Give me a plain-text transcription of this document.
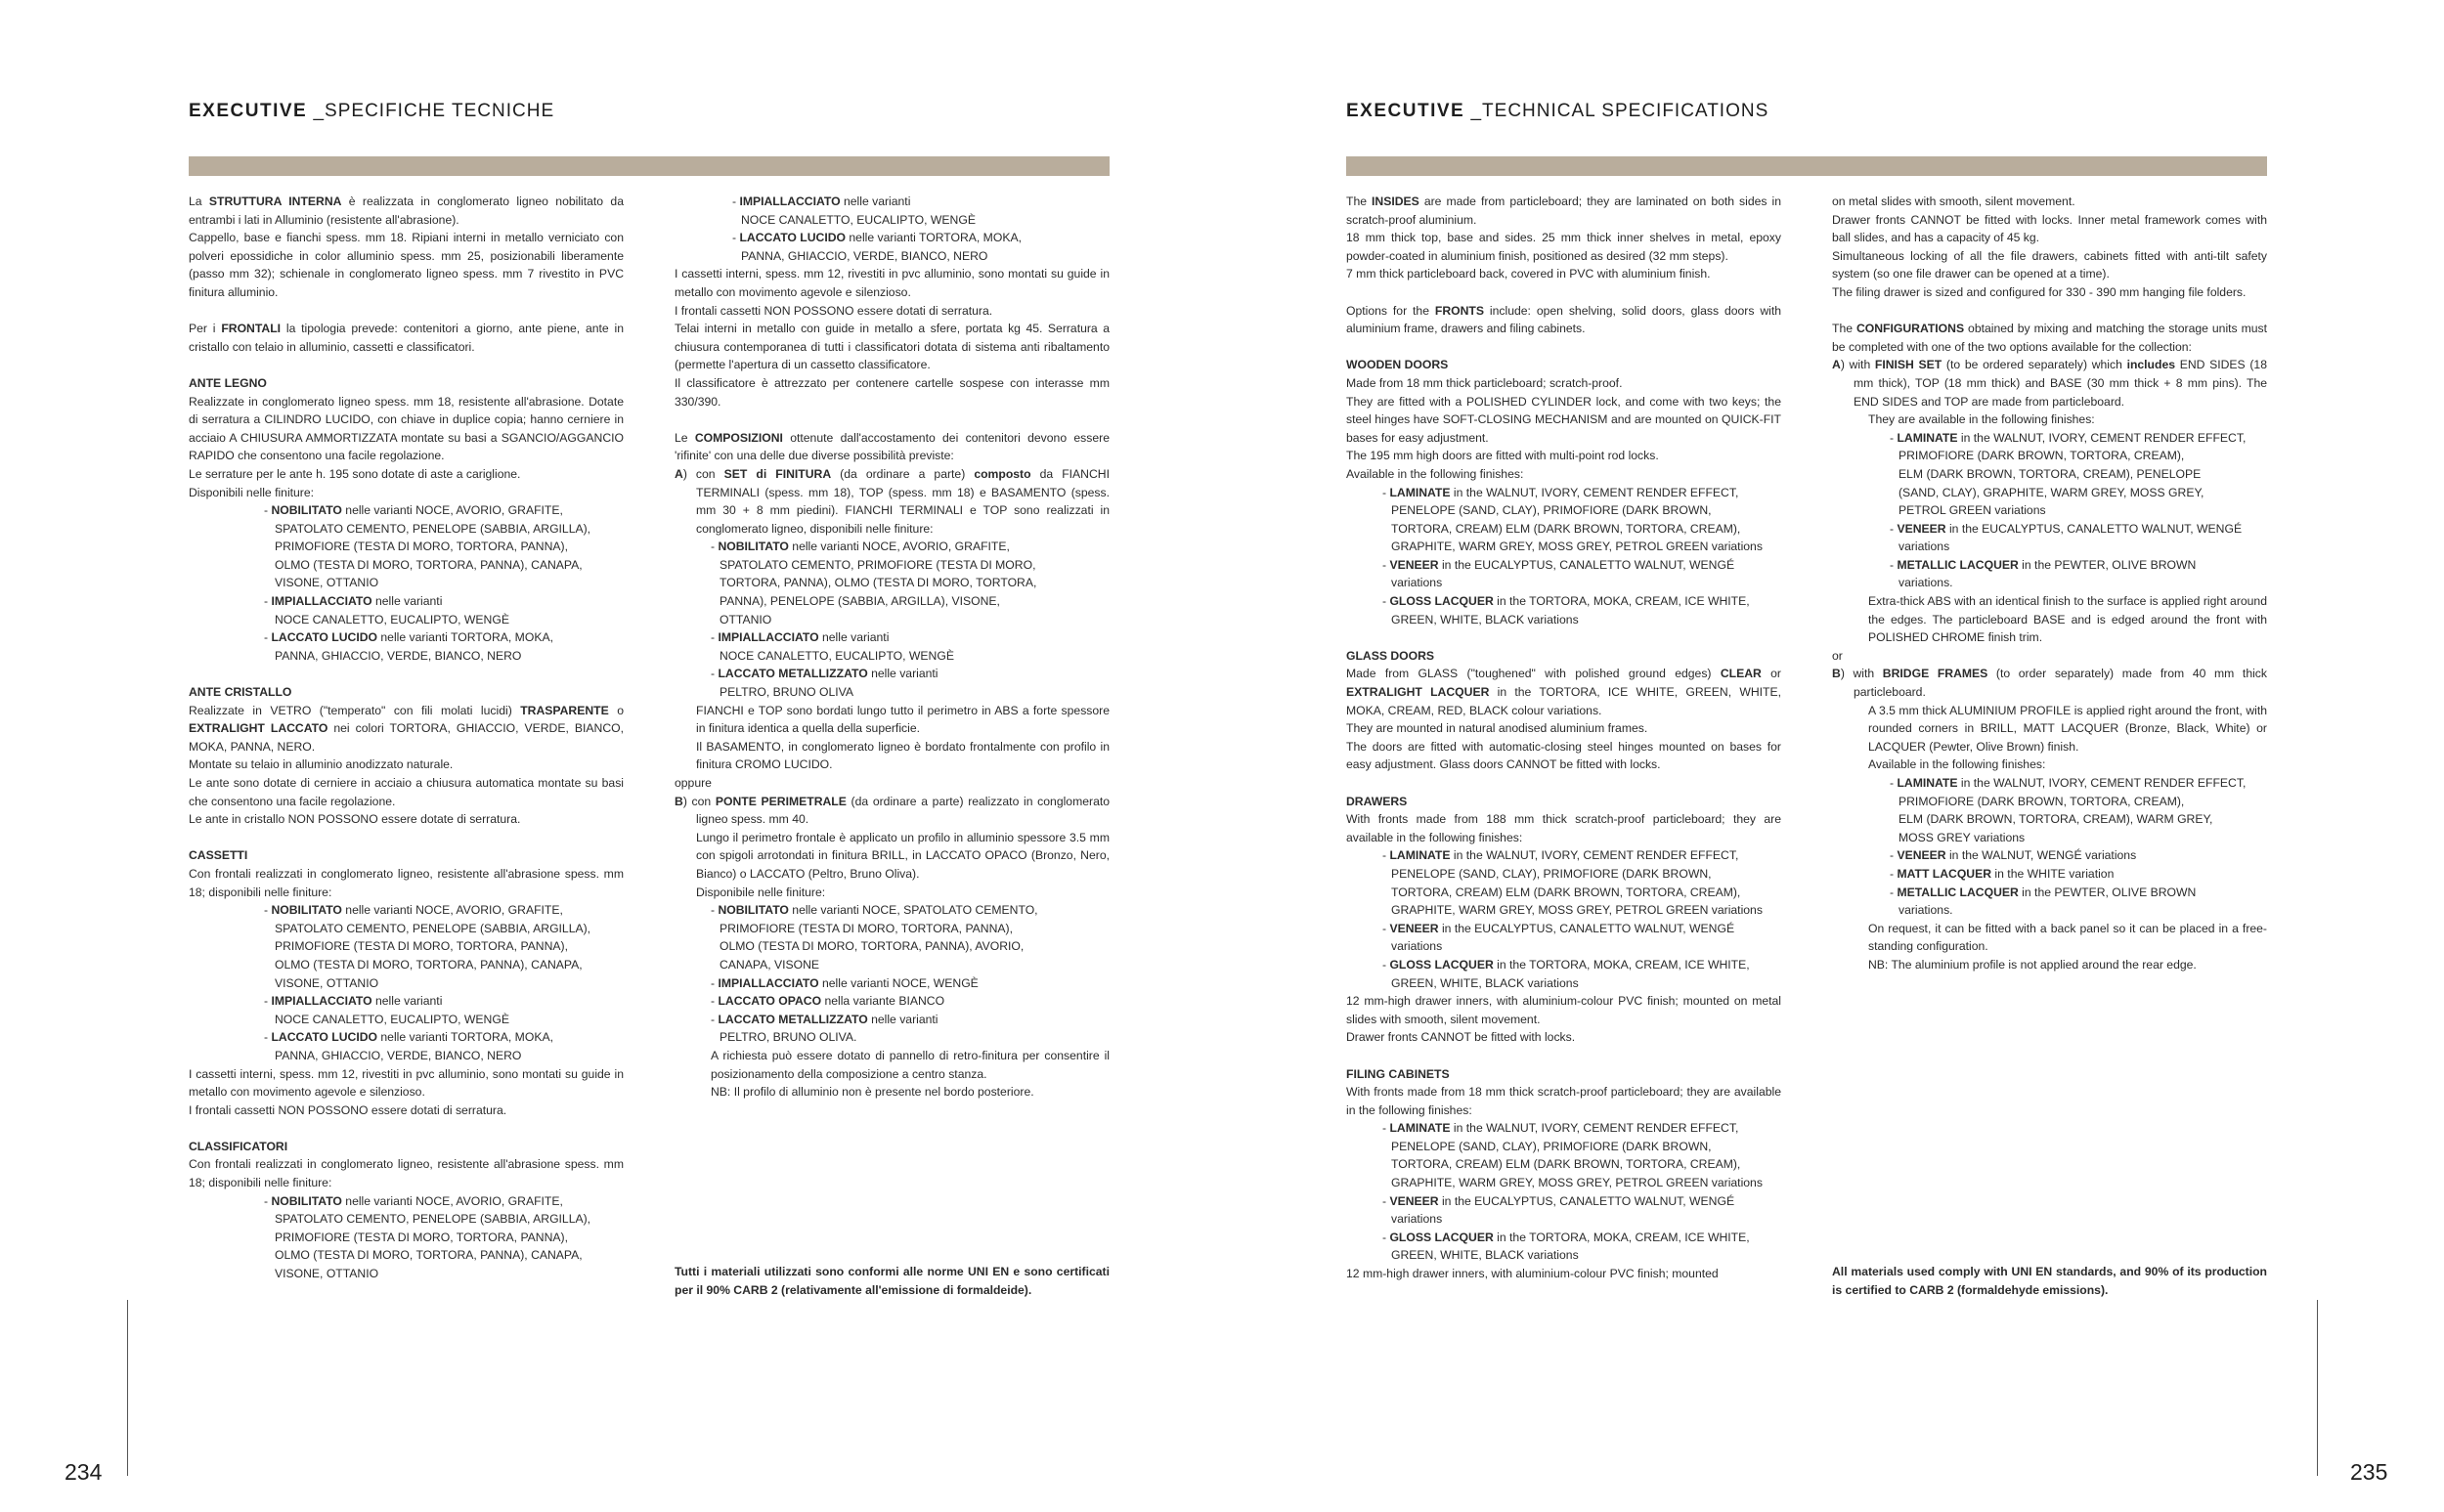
EXECUTIVE _SPECIFICHE TECNICHE

La STRUTTURA INTERNA è realizzata in conglomerato ligneo nobilitato da entrambi i lati in Alluminio (resistente all'abrasione).

Cappello, base e fianchi spess. mm 18. Ripiani interni in metallo verniciato con polveri epossidiche in color alluminio spess. mm 25, posizionabili liberamente (passo mm 32); schienale in conglomerato ligneo spess. mm 7 rivestito in PVC finitura alluminio.

Per i FRONTALI la tipologia prevede: contenitori a giorno, ante piene, ante in cristallo con telaio in alluminio, cassetti e classificatori.

ANTE LEGNO

Realizzate in conglomerato ligneo spess. mm 18, resistente all'abrasione. Dotate di serratura a CILINDRO LUCIDO, con chiave in duplice copia; hanno cerniere in acciaio A CHIUSURA AMMORTIZZATA montate su basi a SGANCIO/AGGANCIO RAPIDO che consentono una facile regolazione.

Le serrature per le ante h. 195 sono dotate di aste a cariglione.

Disponibili nelle finiture:

- NOBILITATO nelle varianti NOCE, AVORIO, GRAFITE,

SPATOLATO CEMENTO, PENELOPE (SABBIA, ARGILLA),

PRIMOFIORE (TESTA DI MORO, TORTORA, PANNA),

OLMO (TESTA DI MORO, TORTORA, PANNA), CANAPA,

VISONE, OTTANIO

- IMPIALLACCIATO nelle varianti

NOCE CANALETTO, EUCALIPTO, WENGÈ

- LACCATO LUCIDO nelle varianti TORTORA, MOKA,

PANNA, GHIACCIO, VERDE, BIANCO, NERO

ANTE CRISTALLO

Realizzate in VETRO ("temperato" con fili molati lucidi) TRASPARENTE o EXTRALIGHT LACCATO nei colori TORTORA, GHIACCIO, VERDE, BIANCO, MOKA, PANNA, NERO.

Montate su telaio in alluminio anodizzato naturale.

Le ante sono dotate di cerniere in acciaio a chiusura automatica montate su basi che consentono una facile regolazione.

Le ante in cristallo NON POSSONO essere dotate di serratura.

CASSETTI

Con frontali realizzati in conglomerato ligneo, resistente all'abrasione spess. mm 18; disponibili nelle finiture:

- NOBILITATO nelle varianti NOCE, AVORIO, GRAFITE,

SPATOLATO CEMENTO, PENELOPE (SABBIA, ARGILLA),

PRIMOFIORE (TESTA DI MORO, TORTORA, PANNA),

OLMO (TESTA DI MORO, TORTORA, PANNA), CANAPA,

VISONE, OTTANIO

- IMPIALLACCIATO nelle varianti

NOCE CANALETTO, EUCALIPTO, WENGÈ

- LACCATO LUCIDO nelle varianti TORTORA, MOKA,

PANNA, GHIACCIO, VERDE, BIANCO, NERO

I cassetti interni, spess. mm 12, rivestiti in pvc alluminio, sono montati su guide in metallo con movimento agevole e silenzioso.

I frontali cassetti NON POSSONO essere dotati di serratura.

CLASSIFICATORI

Con frontali realizzati in conglomerato ligneo, resistente all'abrasione spess. mm 18; disponibili nelle finiture:

- NOBILITATO nelle varianti NOCE, AVORIO, GRAFITE,

SPATOLATO CEMENTO, PENELOPE (SABBIA, ARGILLA),

PRIMOFIORE (TESTA DI MORO, TORTORA, PANNA),

OLMO (TESTA DI MORO, TORTORA, PANNA), CANAPA,

VISONE, OTTANIO

- IMPIALLACCIATO nelle varianti

NOCE CANALETTO, EUCALIPTO, WENGÈ

- LACCATO LUCIDO nelle varianti TORTORA, MOKA,

PANNA, GHIACCIO, VERDE, BIANCO, NERO

I cassetti interni, spess. mm 12, rivestiti in pvc alluminio, sono montati su guide in metallo con movimento agevole e silenzioso.

I frontali cassetti NON POSSONO essere dotati di serratura.

Telai interni in metallo con guide in metallo a sfere, portata kg 45. Serratura a chiusura contemporanea di tutti i classificatori dotata di sistema anti ribaltamento (permette l'apertura di un cassetto classificatore.

Il classificatore è attrezzato per contenere cartelle sospese con interasse mm 330/390.

Le COMPOSIZIONI ottenute dall'accostamento dei contenitori devono essere 'rifinite' con una delle due diverse possibilità previste:

A) con SET di FINITURA (da ordinare a parte) composto da FIANCHI TERMINALI (spess. mm 18), TOP (spess. mm 18) e BASAMENTO (spess. mm 30 + 8 mm piedini). FIANCHI TERMINALI e TOP sono realizzati in conglomerato ligneo, disponibili nelle finiture:

- NOBILITATO nelle varianti NOCE, AVORIO, GRAFITE,

SPATOLATO CEMENTO, PRIMOFIORE (TESTA DI MORO,

TORTORA, PANNA), OLMO (TESTA DI MORO, TORTORA,

PANNA), PENELOPE (SABBIA, ARGILLA), VISONE,

OTTANIO

- IMPIALLACCIATO nelle varianti

NOCE CANALETTO, EUCALIPTO, WENGÈ

- LACCATO METALLIZZATO nelle varianti

PELTRO, BRUNO OLIVA

FIANCHI e TOP sono bordati lungo tutto il perimetro in ABS a forte spessore in finitura identica a quella della superficie.

Il BASAMENTO, in conglomerato ligneo è bordato frontalmente con profilo in finitura CROMO LUCIDO.

oppure

B) con PONTE PERIMETRALE (da ordinare a parte) realizzato in conglomerato ligneo spess. mm 40.

Lungo il perimetro frontale è applicato un profilo in alluminio spessore 3.5 mm con spigoli arrotondati in finitura BRILL, in LACCATO OPACO (Bronzo, Nero, Bianco) o LACCATO (Peltro, Bruno Oliva).

Disponibile nelle finiture:

- NOBILITATO nelle varianti NOCE, SPATOLATO CEMENTO,

PRIMOFIORE (TESTA DI MORO, TORTORA, PANNA),

OLMO (TESTA DI MORO, TORTORA, PANNA), AVORIO,

CANAPA, VISONE

- IMPIALLACCIATO nelle varianti NOCE, WENGÈ

- LACCATO OPACO nella variante BIANCO

- LACCATO METALLIZZATO nelle varianti

PELTRO, BRUNO OLIVA.

A richiesta può essere dotato di pannello di retro-finitura per consentire il posizionamento della composizione a centro stanza.

NB: Il profilo di alluminio non è presente nel bordo posteriore.

Tutti i materiali utilizzati sono conformi alle norme UNI EN e sono certificati per il 90% CARB 2 (relativamente all'emissione di formaldeide).

234
EXECUTIVE _TECHNICAL SPECIFICATIONS

The INSIDES are made from particleboard; they are laminated on both sides in scratch-proof aluminium.

18 mm thick top, base and sides. 25 mm thick inner shelves in metal, epoxy powder-coated in aluminium finish, positioned as desired (32 mm steps).

7 mm thick particleboard back, covered in PVC with aluminium finish.

Options for the FRONTS include: open shelving, solid doors, glass doors with aluminium frame, drawers and filing cabinets.

WOODEN DOORS

Made from 18 mm thick particleboard; scratch-proof.

They are fitted with a POLISHED CYLINDER lock, and come with two keys; the steel hinges have SOFT-CLOSING MECHANISM and are mounted on QUICK-FIT bases for easy adjustment.

The 195 mm high doors are fitted with multi-point rod locks.

Available in the following finishes:

- LAMINATE in the WALNUT, IVORY, CEMENT RENDER EFFECT,

PENELOPE (SAND, CLAY), PRIMOFIORE (DARK BROWN,

TORTORA, CREAM) ELM (DARK BROWN, TORTORA, CREAM),

GRAPHITE, WARM GREY, MOSS GREY, PETROL GREEN variations

- VENEER in the EUCALYPTUS, CANALETTO WALNUT, WENGÉ

variations

- GLOSS LACQUER in the TORTORA, MOKA, CREAM, ICE WHITE,

GREEN, WHITE, BLACK variations

GLASS DOORS

Made from GLASS ("toughened" with polished ground edges) CLEAR or EXTRALIGHT LACQUER in the TORTORA, ICE WHITE, GREEN, WHITE, MOKA, CREAM, RED, BLACK colour variations.

They are mounted in natural anodised aluminium frames.

The doors are fitted with automatic-closing steel hinges mounted on bases for easy adjustment. Glass doors CANNOT be fitted with locks.

DRAWERS

With fronts made from 188 mm thick scratch-proof particleboard; they are available in the following finishes:

- LAMINATE in the WALNUT, IVORY, CEMENT RENDER EFFECT,

PENELOPE (SAND, CLAY), PRIMOFIORE (DARK BROWN,

TORTORA, CREAM) ELM (DARK BROWN, TORTORA, CREAM),

GRAPHITE, WARM GREY, MOSS GREY, PETROL GREEN variations

- VENEER in the EUCALYPTUS, CANALETTO WALNUT, WENGÉ

variations

- GLOSS LACQUER in the TORTORA, MOKA, CREAM, ICE WHITE,

GREEN, WHITE, BLACK variations

12 mm-high drawer inners, with aluminium-colour PVC finish; mounted on metal slides with smooth, silent movement.

Drawer fronts CANNOT be fitted with locks.

FILING CABINETS

With fronts made from 18 mm thick scratch-proof particleboard; they are available in the following finishes:

- LAMINATE in the WALNUT, IVORY, CEMENT RENDER EFFECT,

PENELOPE (SAND, CLAY), PRIMOFIORE (DARK BROWN,

TORTORA, CREAM) ELM (DARK BROWN, TORTORA, CREAM),

GRAPHITE, WARM GREY, MOSS GREY, PETROL GREEN variations

- VENEER in the EUCALYPTUS, CANALETTO WALNUT, WENGÉ

variations

- GLOSS LACQUER in the TORTORA, MOKA, CREAM, ICE WHITE,

GREEN, WHITE, BLACK variations

12 mm-high drawer inners, with aluminium-colour PVC finish; mounted

on metal slides with smooth, silent movement.

Drawer fronts CANNOT be fitted with locks. Inner metal framework comes with ball slides, and has a capacity of 45 kg.

Simultaneous locking of all the file drawers, cabinets fitted with anti-tilt safety system (so one file drawer can be opened at a time).

The filing drawer is sized and configured for 330 - 390 mm hanging file folders.

The CONFIGURATIONS obtained by mixing and matching the storage units must be completed with one of the two options available for the collection:

A) with FINISH SET (to be ordered separately) which includes END SIDES (18 mm thick), TOP (18 mm thick) and BASE (30 mm thick + 8 mm pins). The END SIDES and TOP are made from particleboard.

They are available in the following finishes:

- LAMINATE in the WALNUT, IVORY, CEMENT RENDER EFFECT,

PRIMOFIORE (DARK BROWN, TORTORA, CREAM),

ELM (DARK BROWN, TORTORA, CREAM), PENELOPE

(SAND, CLAY), GRAPHITE, WARM GREY, MOSS GREY,

PETROL GREEN variations

- VENEER in the EUCALYPTUS, CANALETTO WALNUT, WENGÉ

variations

- METALLIC LACQUER in the PEWTER, OLIVE BROWN

variations.

Extra-thick ABS with an identical finish to the surface is applied right around the edges. The particleboard BASE and is edged around the front with POLISHED CHROME finish trim.

or

B) with BRIDGE FRAMES (to order separately) made from 40 mm thick particleboard.

A 3.5 mm thick ALUMINIUM PROFILE is applied right around the front, with rounded corners in BRILL, MATT LACQUER (Bronze, Black, White) or LACQUER (Pewter, Olive Brown) finish.

Available in the following finishes:

- LAMINATE in the WALNUT, IVORY, CEMENT RENDER EFFECT,

PRIMOFIORE (DARK BROWN, TORTORA, CREAM),

ELM (DARK BROWN, TORTORA, CREAM), WARM GREY,

MOSS GREY variations

- VENEER in the WALNUT, WENGÉ variations

- MATT LACQUER in the WHITE variation

- METALLIC LACQUER in the PEWTER, OLIVE BROWN

variations.

On request, it can be fitted with a back panel so it can be placed in a free-standing configuration.

NB: The aluminium profile is not applied around the rear edge.

All materials used comply with UNI EN standards, and 90% of its production is certified to CARB 2 (formaldehyde emissions).

235
